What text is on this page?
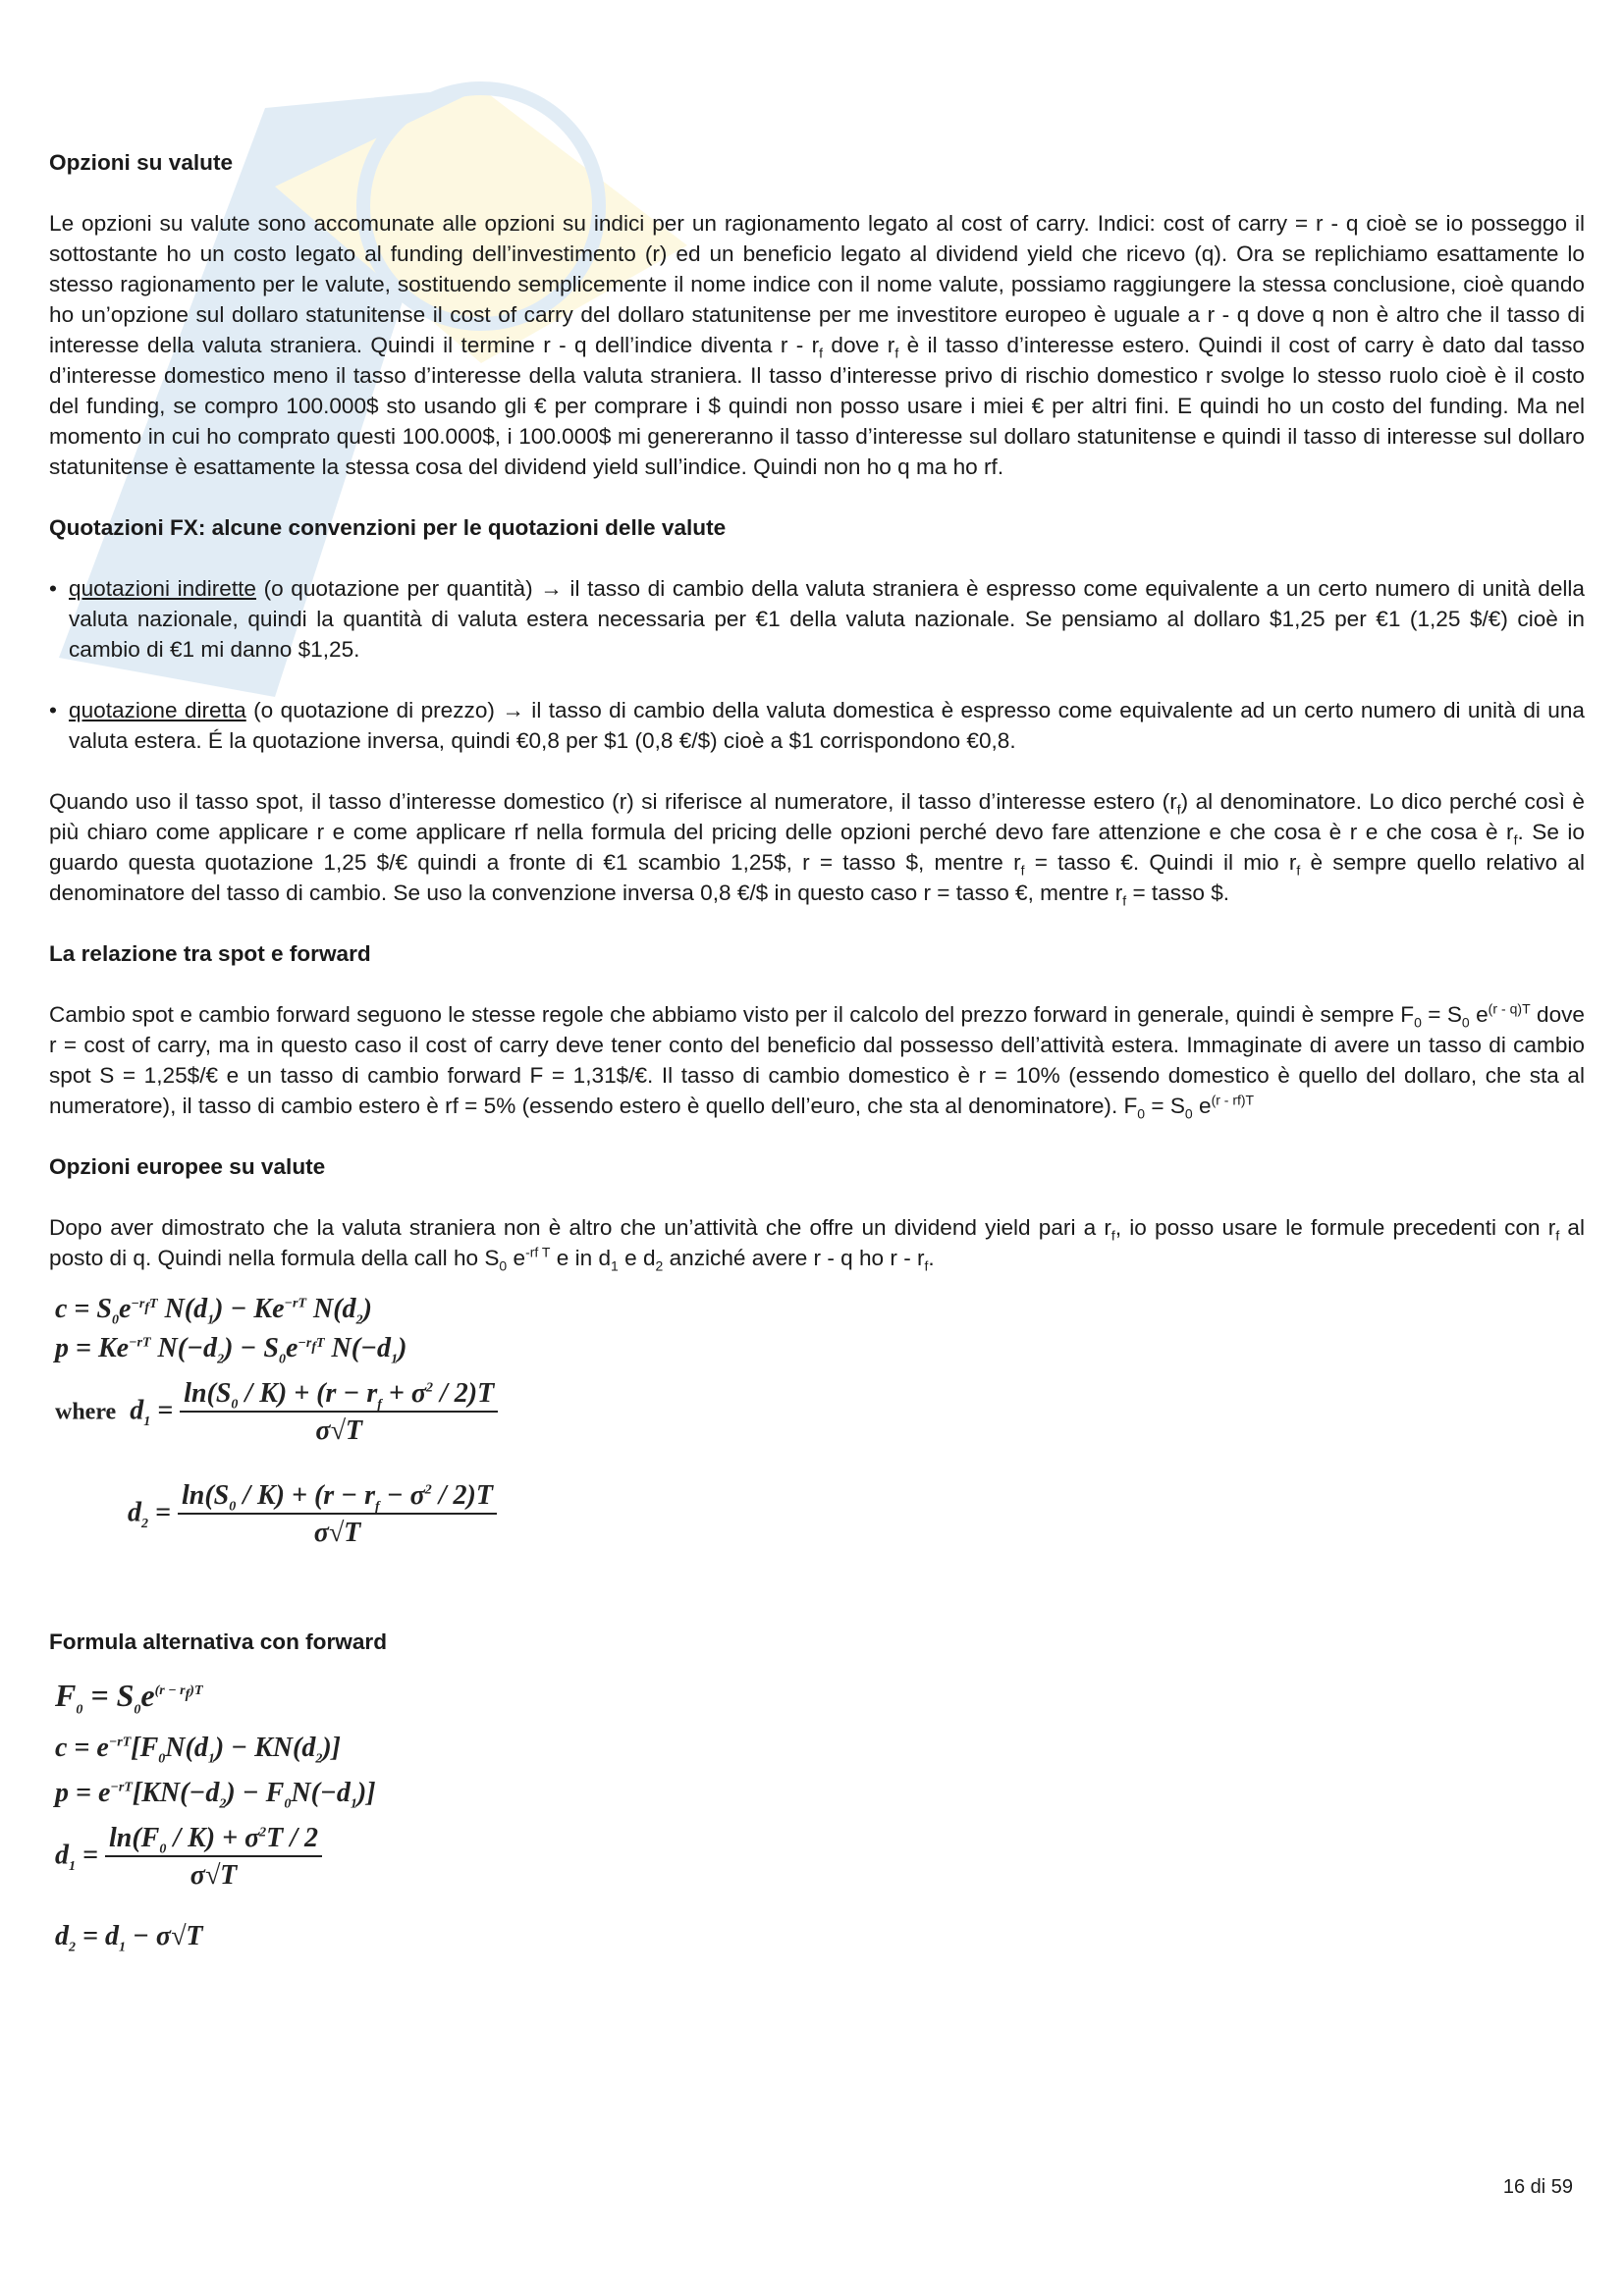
Opzioni su valute

Le opzioni su valute sono accomunate alle opzioni su indici per un ragionamento legato al cost of carry. Indici: cost of carry = r - q cioè se io posseggo il sottostante ho un costo legato al funding dell’investimento (r) ed un beneficio legato al dividend yield che ricevo (q). Ora se replichiamo esattamente lo stesso ragionamento per le valute, sostituendo semplicemente il nome indice con il nome valute, possiamo raggiungere la stessa conclusione, cioè quando ho un’opzione sul dollaro statunitense il cost of carry del dollaro statunitense per me investitore europeo è uguale a r - q dove q non è altro che il tasso di interesse della valuta straniera. Quindi il termine r - q dell’indice diventa r - $r_f$ dove $r_f$ è il tasso d’interesse estero. Quindi il cost of carry è dato dal tasso d’interesse domestico meno il tasso d’interesse della valuta straniera. Il tasso d’interesse privo di rischio domestico r svolge lo stesso ruolo cioè è il costo del funding, se compro 100.000$ sto usando gli € per comprare i $ quindi non posso usare i miei € per altri fini. E quindi ho un costo del funding. Ma nel momento in cui ho comprato questi 100.000$, i 100.000$ mi genereranno il tasso d’interesse sul dollaro statunitense e quindi il tasso di interesse sul dollaro statunitense è esattamente la stessa cosa del dividend yield sull’indice. Quindi non ho q ma ho rf.

Quotazioni FX: alcune convenzioni per le quotazioni delle valute
• quotazioni indirette (o quotazione per quantità) → il tasso di cambio della valuta straniera è espresso come equivalente a un certo numero di unità della valuta nazionale, quindi la quantità di valuta estera necessaria per €1 della valuta nazionale. Se pensiamo al dollaro $1,25 per €1 (1,25 $/€) cioè in cambio di €1 mi danno $1,25.
• quotazione diretta (o quotazione di prezzo) → il tasso di cambio della valuta domestica è espresso come equivalente ad un certo numero di unità di una valuta estera. É la quotazione inversa, quindi €0,8 per $1 (0,8 €/$) cioè a $1 corrispondono €0,8.

Quando uso il tasso spot, il tasso d’interesse domestico (r) si riferisce al numeratore, il tasso d’interesse estero $(r_f)$ al denominatore. Lo dico perché così è più chiaro come applicare r e come applicare rf nella formula del pricing delle opzioni perché devo fare attenzione e che cosa è r e che cosa è $r_f$. Se io guardo questa quotazione 1,25 $/€ quindi a fronte di €1 scambio 1,25$, r = tasso $, mentre $r_f$ = tasso €. Quindi il mio $r_f$ è sempre quello relativo al denominatore del tasso di cambio. Se uso la convenzione inversa 0,8 €/$ in questo caso r = tasso €, mentre $r_f$ = tasso $.

La relazione tra spot e forward

Cambio spot e cambio forward seguono le stesse regole che abbiamo visto per il calcolo del prezzo forward in generale, quindi è sempre $F_0 = S_0$ $e^{(r - q)T}$ dove r = cost of carry, ma in questo caso il cost of carry deve tener conto del beneficio dal possesso dell’attività estera. Immaginate di avere un tasso di cambio spot S = 1,25$/€ e un tasso di cambio forward F = 1,31$/€. Il tasso di cambio domestico è r = 10% (essendo domestico è quello del dollaro, che sta al numeratore), il tasso di cambio estero è rf = 5% (essendo estero è quello dell’euro, che sta al denominatore). $F_0 = S_0$ $e^{(r - rf)T}$

Opzioni europee su valute

Dopo aver dimostrato che la valuta straniera non è altro che un’attività che offre un dividend yield pari a $r_f$, io posso usare le formule precedenti con $r_f$ al posto di q. Quindi nella formula della call ho $S_0$ $e^{-rf T}$ e in $d_1$ e $d_2$ anziché avere r - q ho r - $r_f$.

$c = S_0e^{-r_fT}$ $N(d_1) - Ke^{-rT}$ $N(d_2)$
$p = Ke^{-rT}$ $N(-d_2) - S_0e^{-r_fT}$ $N(-d_1)$
where  $d_1 = \frac{\ln(S_0 / K) + (r - r_f + \sigma^2 / 2)T}{\sigma√T}$
$d_2 = \frac{\ln(S_0 / K) + (r - r_f - \sigma^2 / 2)T}{\sigma√T}$
Formula alternativa con forward
$F_0 = S_0e^{(r - r_f)T}$
$c = e^{-rT}[F_0N(d_1) - KN(d_2)]$
$p = e^{-rT}[KN(-d_2) - F_0N(-d_1)]$
$d_1 = \frac{\ln(F_0 / K) + \sigma^2T / 2}{\sigma√T}$
$d_2 = d_1 - \sigma√T$
16 di 59
